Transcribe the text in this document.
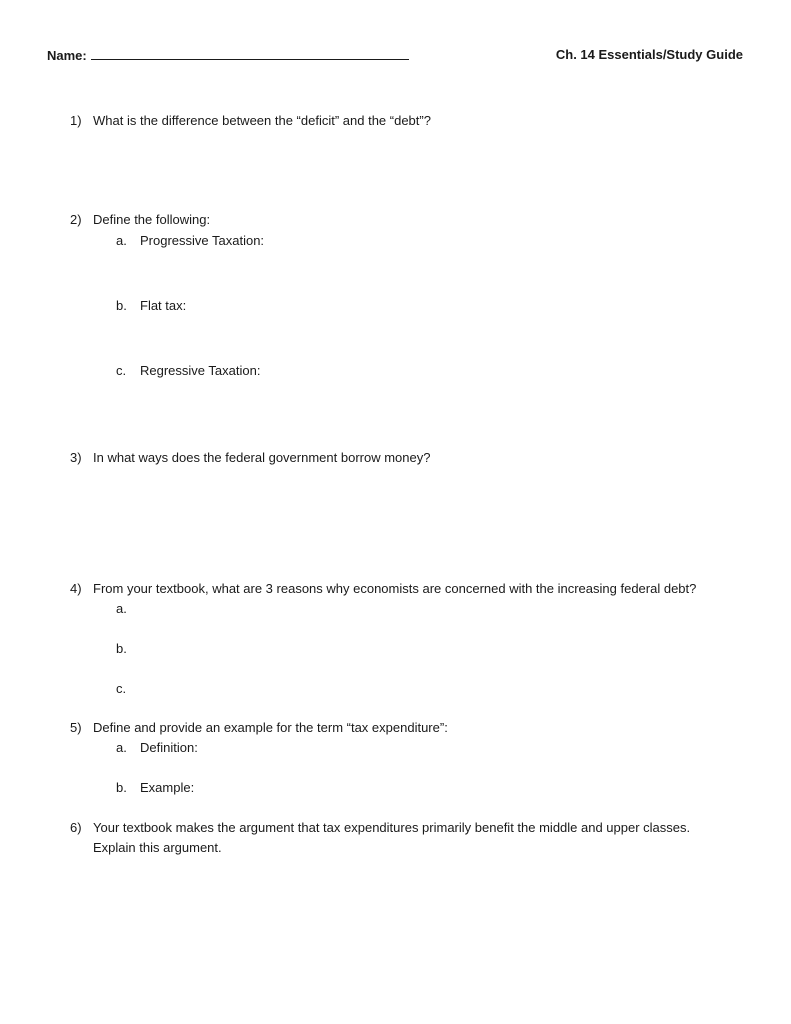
Name:	Ch. 14 Essentials/Study Guide
1) What is the difference between the “deficit” and the “debt”?
2) Define the following:
a. Progressive Taxation:
b. Flat tax:
c. Regressive Taxation:
3) In what ways does the federal government borrow money?
4) From your textbook, what are 3 reasons why economists are concerned with the increasing federal debt?
a.
b.
c.
5) Define and provide an example for the term “tax expenditure”:
a. Definition:
b. Example:
6) Your textbook makes the argument that tax expenditures primarily benefit the middle and upper classes.
Explain this argument.
